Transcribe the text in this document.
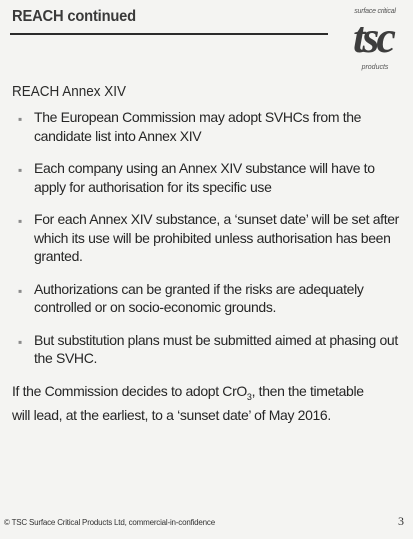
REACH continued	surface critical
tsc
products
REACH Annex XIV
▪ The European Commission may adopt SVHCs from the candidate list into Annex XIV
▪ Each company using an Annex XIV substance will have to apply for authorisation for its specific use
▪ For each Annex XIV substance, a ‘sunset date’ will be set after which its use will be prohibited unless authorisation has been granted.
▪ Authorizations can be granted if the risks are adequately controlled or on socio-economic grounds.
▪ But substitution plans must be submitted aimed at phasing out the SVHC.
If the Commission decides to adopt CrO$_3$, then the timetable will lead, at the earliest, to a ‘sunset date’ of May 2016.
© TSC Surface Critical Products Ltd, commercial-in-confidence	3
